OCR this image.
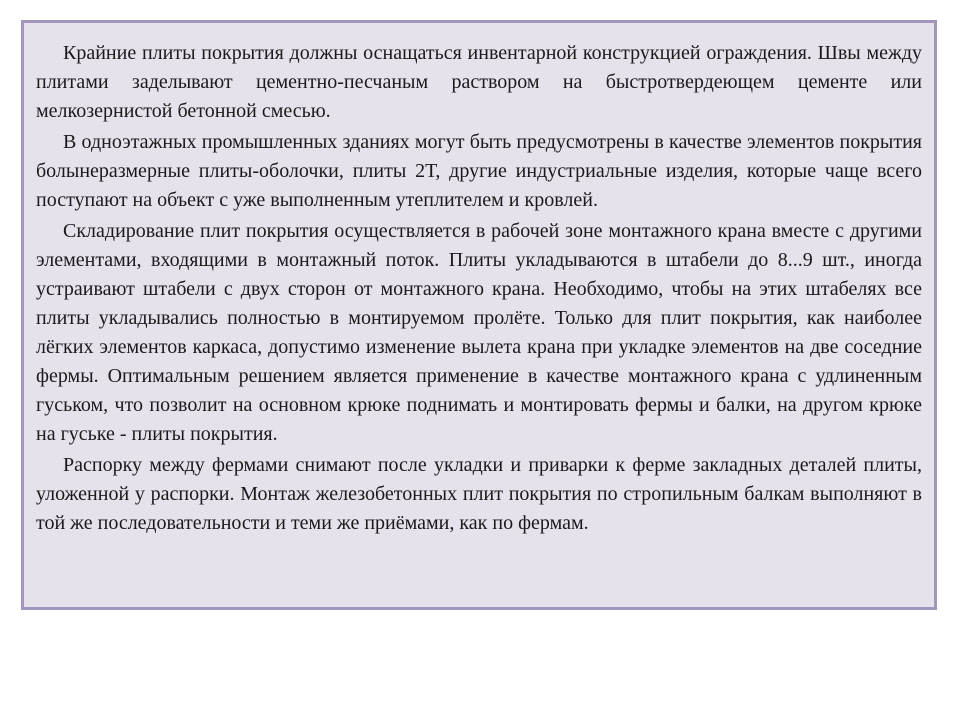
Крайние плиты покрытия должны оснащаться инвентарной конструкцией ограждения. Швы между плитами заделывают цементно-песчаным раствором на быстротвердеющем цементе или мелкозернистой бетонной смесью.

В одноэтажных промышленных зданиях могут быть предусмотрены в качестве элементов покрытия болынеразмерные плиты-оболочки, плиты 2Т, другие индустриальные изделия, которые чаще всего поступают на объект с уже выполненным утеплителем и кровлей.

Складирование плит покрытия осуществляется в рабочей зоне монтажного крана вместе с другими элементами, входящими в монтажный поток. Плиты укладываются в штабели до 8...9 шт., иногда устраивают штабели с двух сторон от монтажного крана. Необходимо, чтобы на этих штабелях все плиты укладывались полностью в монтируемом пролёте. Только для плит покрытия, как наиболее лёгких элементов каркаса, допустимо изменение вылета крана при укладке элементов на две соседние фермы. Оптимальным решением является применение в качестве монтажного крана с удлиненным гуськом, что позволит на основном крюке поднимать и монтировать фермы и балки, на другом крюке на гуське - плиты покрытия.

Распорку между фермами снимают после укладки и приварки к ферме закладных деталей плиты, уложенной у распорки. Монтаж железобетонных плит покрытия по стропильным балкам выполняют в той же последовательности и теми же приёмами, как по фермам.
